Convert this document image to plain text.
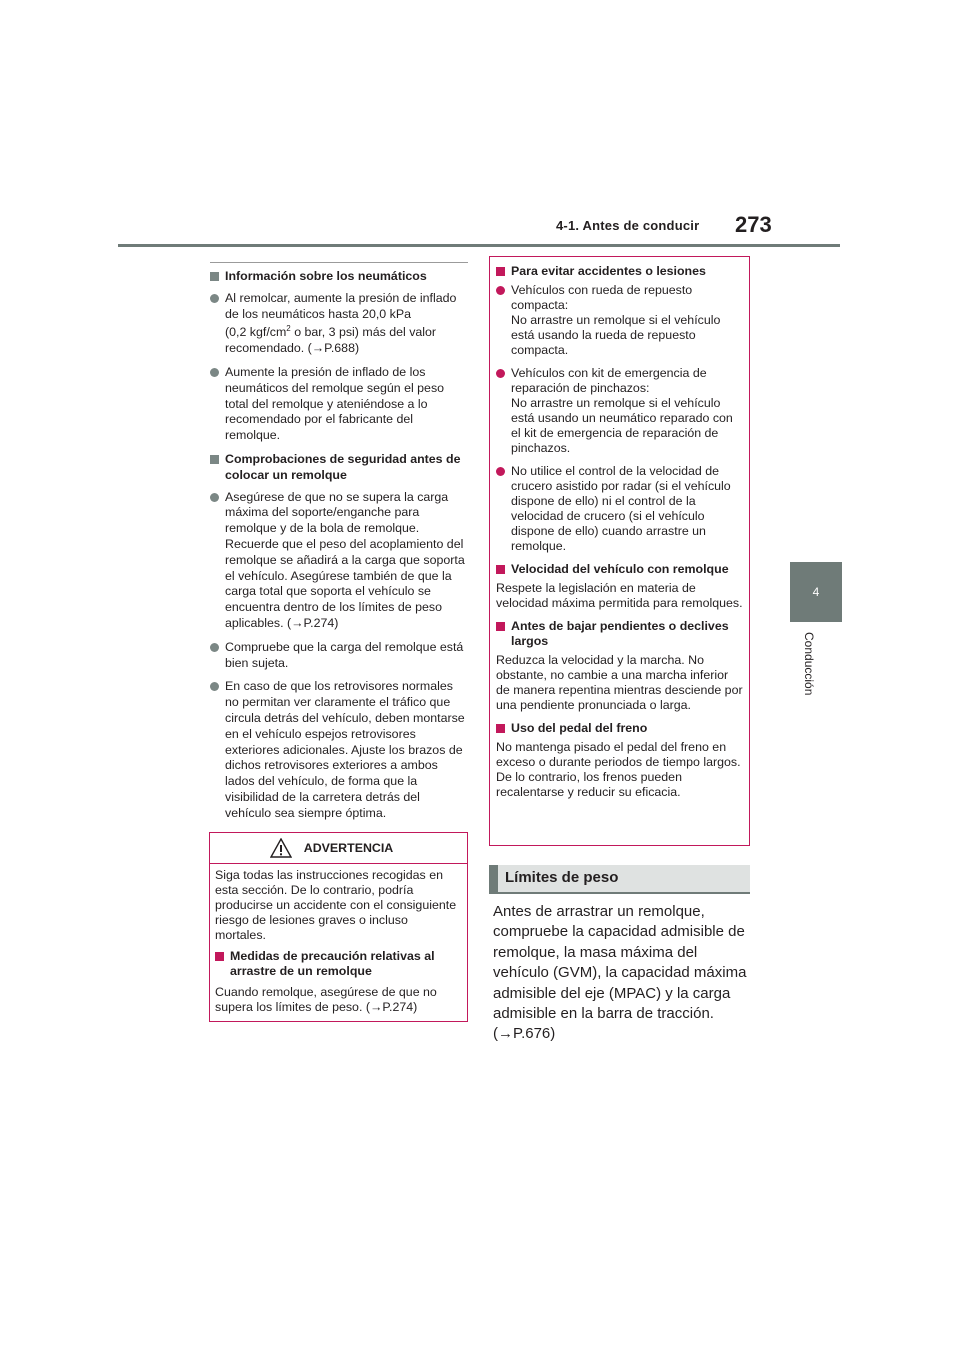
4-1. Antes de conducir 273
4
Conducción
Información sobre los neumáticos

Al remolcar, aumente la presión de inflado de los neumáticos hasta 20,0 kPa

(0,2 kgf/$cm^2$ o bar, 3 psi) más del valor recomendado. (→P.688)

Aumente la presión de inflado de los neumáticos del remolque según el peso total del remolque y ateniéndose a lo recomendado por el fabricante del remolque.
Comprobaciones de seguridad antes de colocar un remolque
Asegúrese de que no se supera la carga máxima del soporte/enganche para remolque y de la bola de remolque. Recuerde que el peso del acoplamiento del remolque se añadirá a la carga que soporta el vehículo. Asegúrese también de que la carga total que soporta el vehículo se encuentra dentro de los límites de peso aplicables. (→P.274)
Compruebe que la carga del remolque está bien sujeta.
En caso de que los retrovisores normales no permitan ver claramente el tráfico que circula detrás del vehículo, deben montarse en el vehículo espejos retrovisores exteriores adicionales. Ajuste los brazos de dichos retrovisores exteriores a ambos lados del vehículo, de forma que la visibilidad de la carretera detrás del vehículo sea siempre óptima.
ADVERTENCIA
Siga todas las instrucciones recogidas en esta sección. De lo contrario, podría producirse un accidente con el consiguiente riesgo de lesiones graves o incluso mortales.
Medidas de precaución relativas al arrastre de un remolque
Cuando remolque, asegúrese de que no supera los límites de peso. (→P.274)
Para evitar accidentes o lesiones

Vehículos con rueda de repuesto compacta:

No arrastre un remolque si el vehículo está usando la rueda de repuesto compacta.

Vehículos con kit de emergencia de reparación de pinchazos:

No arrastre un remolque si el vehículo está usando un neumático reparado con el kit de emergencia de reparación de pinchazos.

No utilice el control de la velocidad de crucero asistido por radar (si el vehículo dispone de ello) ni el control de la velocidad de crucero (si el vehículo dispone de ello) cuando arrastre un remolque.
Velocidad del vehículo con remolque
Respete la legislación en materia de velocidad máxima permitida para remolques.
Antes de bajar pendientes o declives largos
Reduzca la velocidad y la marcha. No obstante, no cambie a una marcha inferior de manera repentina mientras desciende por una pendiente pronunciada o larga.
Uso del pedal del freno
No mantenga pisado el pedal del freno en exceso o durante periodos de tiempo largos.
De lo contrario, los frenos pueden recalentarse y reducir su eficacia.
Límites de peso
Antes de arrastrar un remolque, compruebe la capacidad admisible de remolque, la masa máxima del vehículo (GVM), la capacidad máxima admisible del eje (MPAC) y la carga admisible en la barra de tracción. (→P.676)
